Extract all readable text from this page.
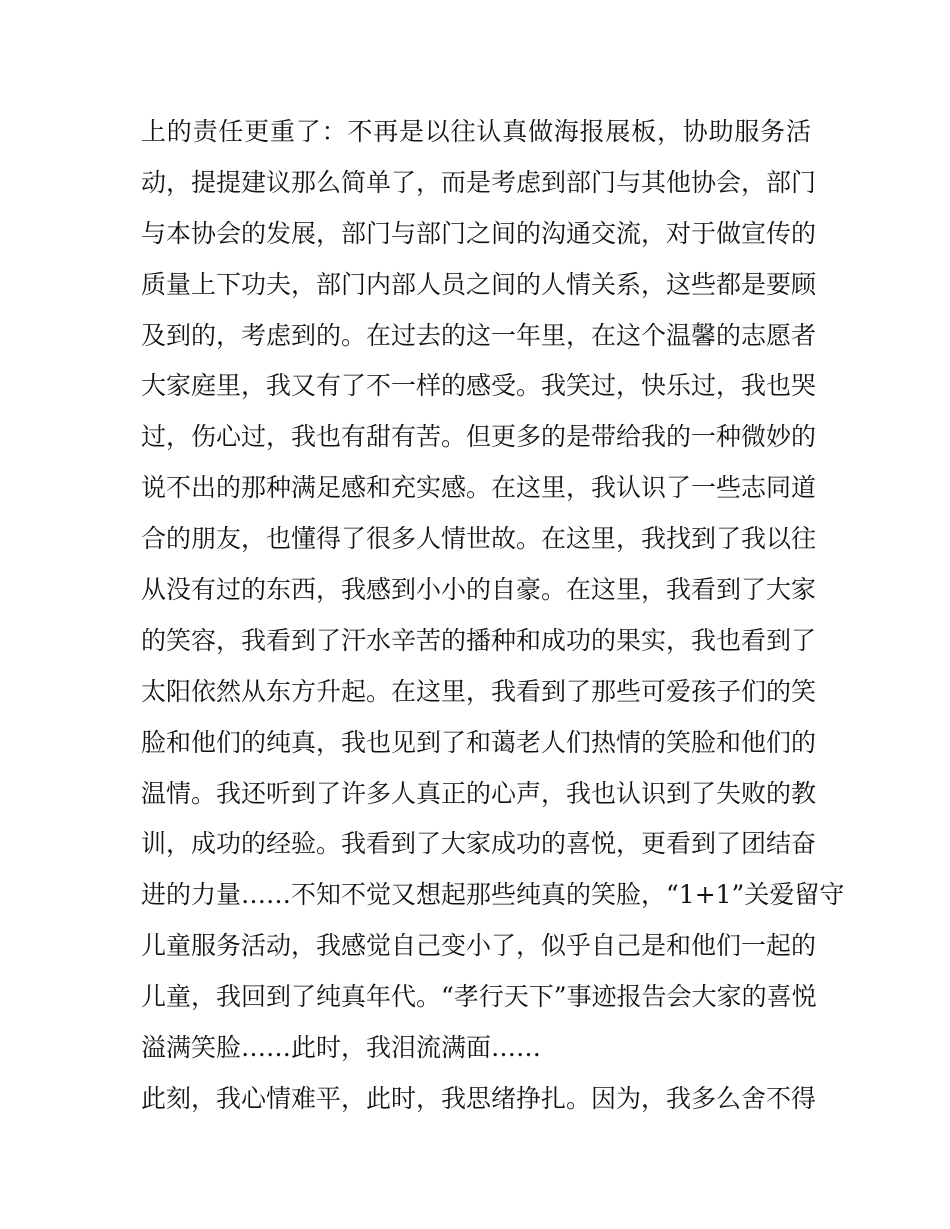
上的责任更重了：不再是以往认真做海报展板，协助服务活
动，提提建议那么简单了，而是考虑到部门与其他协会，部门
与本协会的发展，部门与部门之间的沟通交流，对于做宣传的
质量上下功夫，部门内部人员之间的人情关系，这些都是要顾
及到的，考虑到的。在过去的这一年里，在这个温馨的志愿者
大家庭里，我又有了不一样的感受。我笑过，快乐过，我也哭
过，伤心过，我也有甜有苦。但更多的是带给我的一种微妙的
说不出的那种满足感和充实感。在这里，我认识了一些志同道
合的朋友，也懂得了很多人情世故。在这里，我找到了我以往
从没有过的东西，我感到小小的自豪。在这里，我看到了大家
的笑容，我看到了汗水辛苦的播种和成功的果实，我也看到了
太阳依然从东方升起。在这里，我看到了那些可爱孩子们的笑
脸和他们的纯真，我也见到了和蔼老人们热情的笑脸和他们的
温情。我还听到了许多人真正的心声，我也认识到了失败的教
训，成功的经验。我看到了大家成功的喜悦，更看到了团结奋
进的力量……不知不觉又想起那些纯真的笑脸，“1+1”关爱留守
儿童服务活动，我感觉自己变小了，似乎自己是和他们一起的
儿童，我回到了纯真年代。“孝行天下”事迹报告会大家的喜悦
溢满笑脸……此时，我泪流满面……
此刻，我心情难平，此时，我思绪挣扎。因为，我多么舍不得
